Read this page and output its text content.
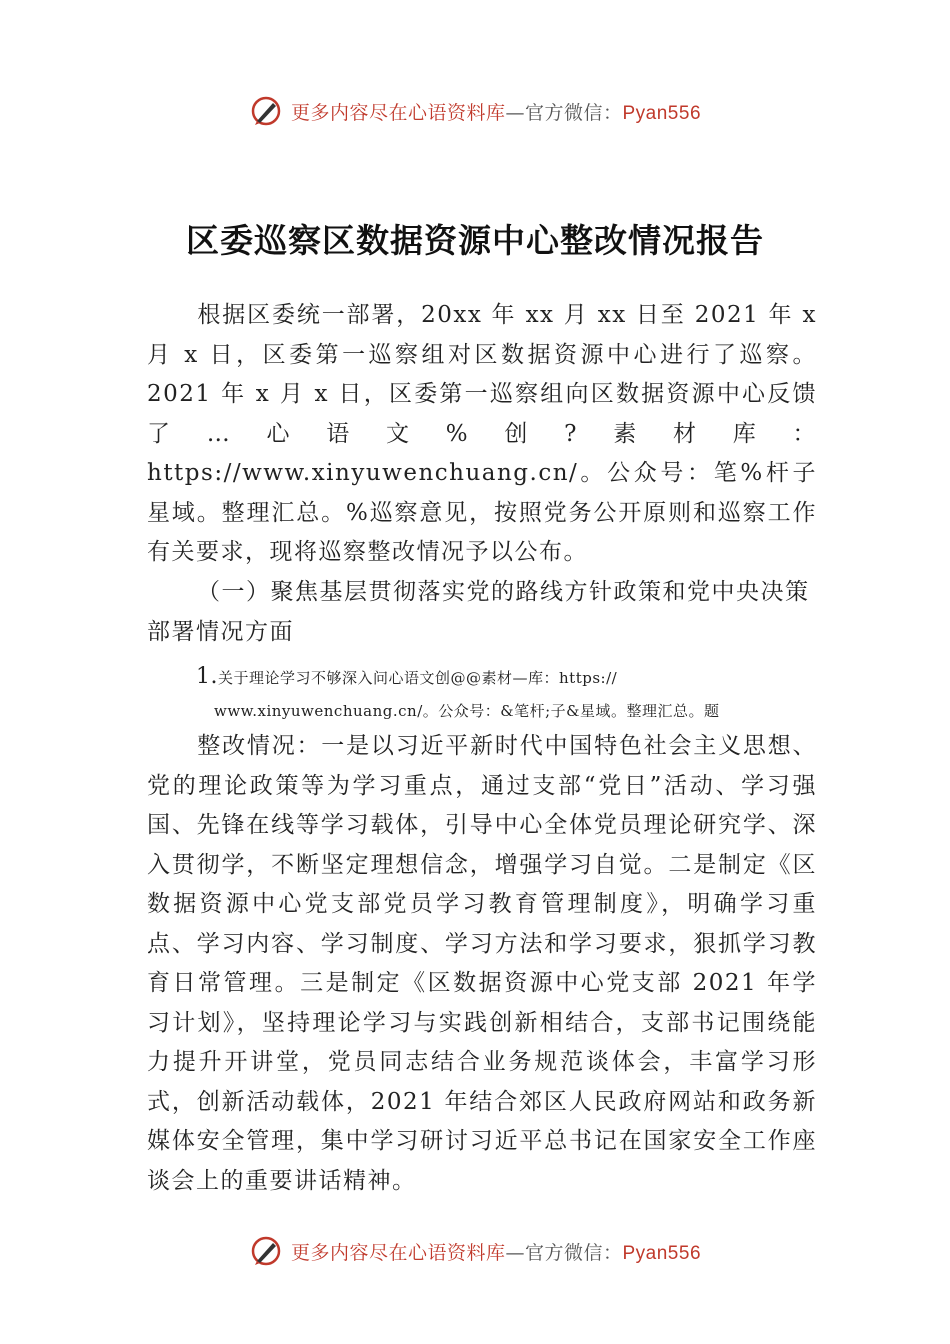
更多内容尽在心语资料库—官方微信：Pyan556
区委巡察区数据资源中心整改情况报告
根据区委统一部署，20xx 年 xx 月 xx 日至 2021 年 x 月 x 日，区委第一巡察组对区数据资源中心进行了巡察。2021 年 x 月 x 日，区委第一巡察组向区数据资源中心反馈了…心语文%创?素材库：https://www.xinyuwenchuang.cn/。公众号：笔%杆子星域。整理汇总。%巡察意见，按照党务公开原则和巡察工作有关要求，现将巡察整改情况予以公布。
（一）聚焦基层贯彻落实党的路线方针政策和党中央决策部署情况方面
1.关于理论学习不够深入问心语文创@@素材—库：https://
www.xinyuwenchuang.cn/。公众号：&笔杆;子&星域。整理汇总。题
整改情况：一是以习近平新时代中国特色社会主义思想、党的理论政策等为学习重点，通过支部“党日”活动、学习强国、先锋在线等学习载体，引导中心全体党员理论研究学、深入贯彻学，不断坚定理想信念，增强学习自觉。二是制定《区数据资源中心党支部党员学习教育管理制度》，明确学习重点、学习内容、学习制度、学习方法和学习要求，狠抓学习教育日常管理。三是制定《区数据资源中心党支部 2021 年学习计划》，坚持理论学习与实践创新相结合，支部书记围绕能力提升开讲堂，党员同志结合业务规范谈体会，丰富学习形式，创新活动载体，2021 年结合郊区人民政府网站和政务新媒体安全管理，集中学习研讨习近平总书记在国家安全工作座谈会上的重要讲话精神。
更多内容尽在心语资料库—官方微信：Pyan556
